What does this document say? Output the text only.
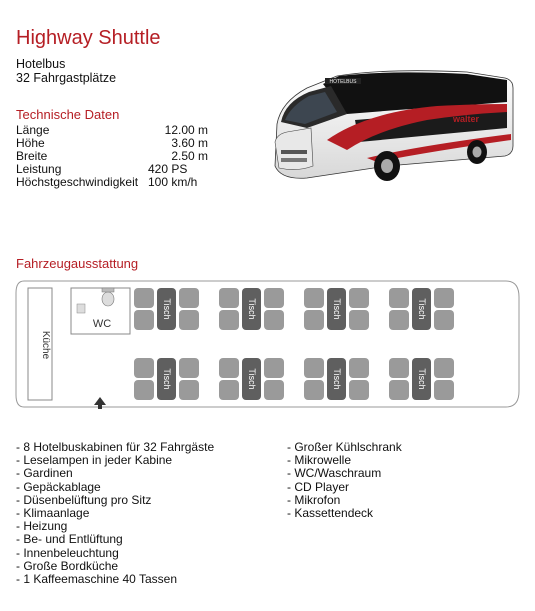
Highway Shuttle
Hotelbus
32 Fahrgastplätze
Technische Daten
Länge	12.00 m
Höhe	3.60 m
Breite	2.50 m
Leistung	420 PS
Höchstgeschwindigkeit 100 km/h
HOTELBUS
walter
Fahrzeugausstattung
Küche
WC
Tisch	Tisch	Tisch	Tisch
Tisch	Tisch	Tisch	Tisch
- 8 Hotelbuskabinen für 32 Fahrgäste
- Leselampen in jeder Kabine
- Gardinen
- Gepäckablage
- Düsenbelüftung pro Sitz
- Klimaanlage
- Heizung
- Be- und Entlüftung
- Innenbeleuchtung
- Große Bordküche
- 1 Kaffeemaschine 40 Tassen
- Großer Kühlschrank
- Mikrowelle
- WC/Waschraum
- CD Player
- Mikrofon
- Kassettendeck
